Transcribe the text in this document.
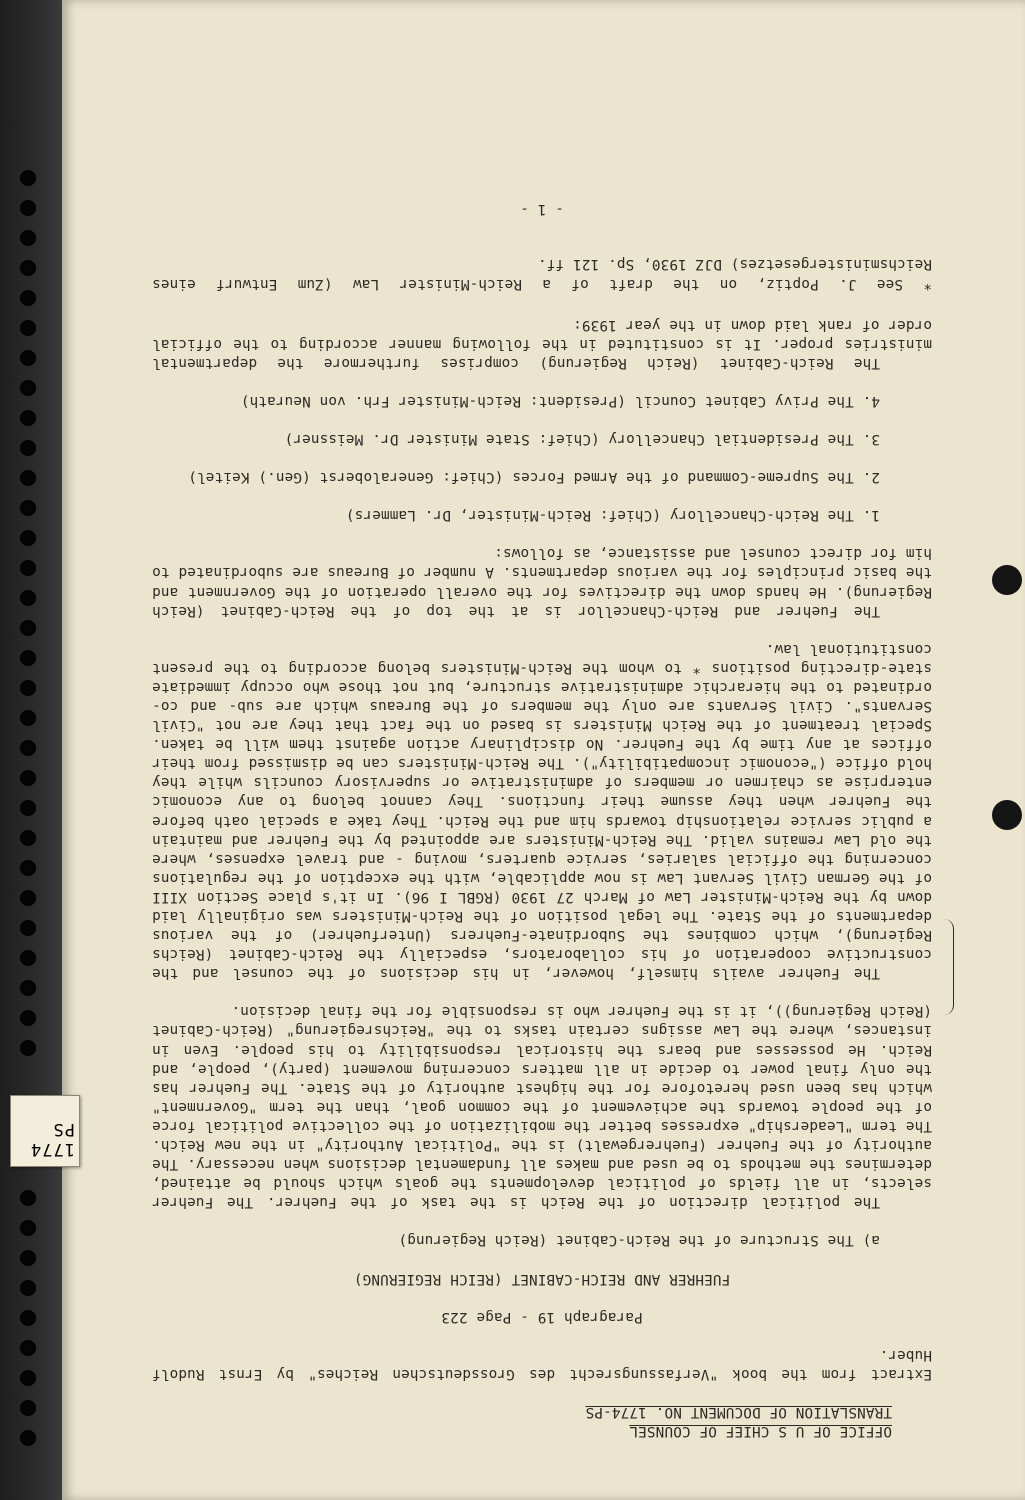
OFFICE OF U S CHIEF OF COUNSEL
TRANSLATION OF DOCUMENT NO. 1774-PS

Extract from the book "Verfassungsrecht des Grossdeutschen Reiches" by Ernst Rudolf Huber.

Paragraph 19 - Page 223
FUEHRER AND REICH-CABINET (REICH REGIERUNG)
a) The Structure of the Reich-Cabinet (Reich Regierung)

The political direction of the Reich is the task of the Fuehrer. The Fuehrer selects, in all fields of political developments the goals which should be attained, determines the methods to be used and makes all fundamental decisions when necessary. The authority of the Fuehrer (Fuehrergewalt) is the "Political Authority" in the new Reich. The term "Leadership" expresses better the mobilization of the collective political force of the people towards the achievement of the common goal, than the term "Government" which has been used heretofore for the highest authority of the State. The Fuehrer has the only final power to decide in all matters concerning movement (party), people, and Reich. He possesses and bears the historical responsibility to his people. Even in instances, where the Law assigns certain tasks to the "Reichsregierung" (Reich-Cabinet (Reich Regierung)), it is the Fuehrer who is responsible for the final decision.

The Fuehrer avails himself, however, in his decisions of the counsel and the constructive cooperation of his collaborators, especially the Reich-Cabinet (Reichs Regierung), which combines the Subordinate-Fuehrers (Unterfuehrer) of the various departments of the State. The legal position of the Reich-Ministers was originally laid down by the Reich-Minister Law of March 27 1930 (RGBL I 96). In it's place Section XIII of the German Civil Servant Law is now applicable, with the exception of the regulations concerning the official salaries, service quarters, moving - and travel expenses, where the old Law remains valid. The Reich-Ministers are appointed by the Fuehrer and maintain a public service relationship towards him and the Reich. They take a special oath before the Fuehrer when they assume their functions. They cannot belong to any economic enterprise as chairmen or members of administrative or supervisory councils while they hold office ("economic incompatibility"). The Reich-Ministers can be dismissed from their offices at any time by the Fuehrer. No disciplinary action against them will be taken. Special treatment of the Reich Ministers is based on the fact that they are not "Civil Servants". Civil Servants are only the members of the Bureaus which are sub- and co-ordinated to the hierarchic administrative structure, but not those who occupy immediate state-directing positions * to whom the Reich-Ministers belong according to the present constitutional law.

The Fuehrer and Reich-Chancellor is at the top of the Reich-Cabinet (Reich Regierung). He hands down the directives for the overall operation of the Government and the basic principles for the various departments. A number of Bureaus are subordinated to him for direct counsel and assistance, as follows:

1. The Reich-Chancellory (Chief: Reich-Minister, Dr. Lammers)
2. The Supreme-Command of the Armed Forces (Chief: Generaloberst (Gen.) Keitel)
3. The Presidential Chancellory (Chief: State Minister Dr. Meissner)
4. The Privy Cabinet Council (President: Reich-Minister Frh. von Neurath)

The Reich-Cabinet (Reich Regierung) comprises furthermore the departmental ministries proper. It is constituted in the following manner according to the official order of rank laid down in the year 1939:

* See J. Poptiz, on the draft of a Reich-Minister Law (Zum Entwurf eines Reichsministergesetzes) DJZ 1930, Sp. 121 ff.

- 1 -
1774 PS
